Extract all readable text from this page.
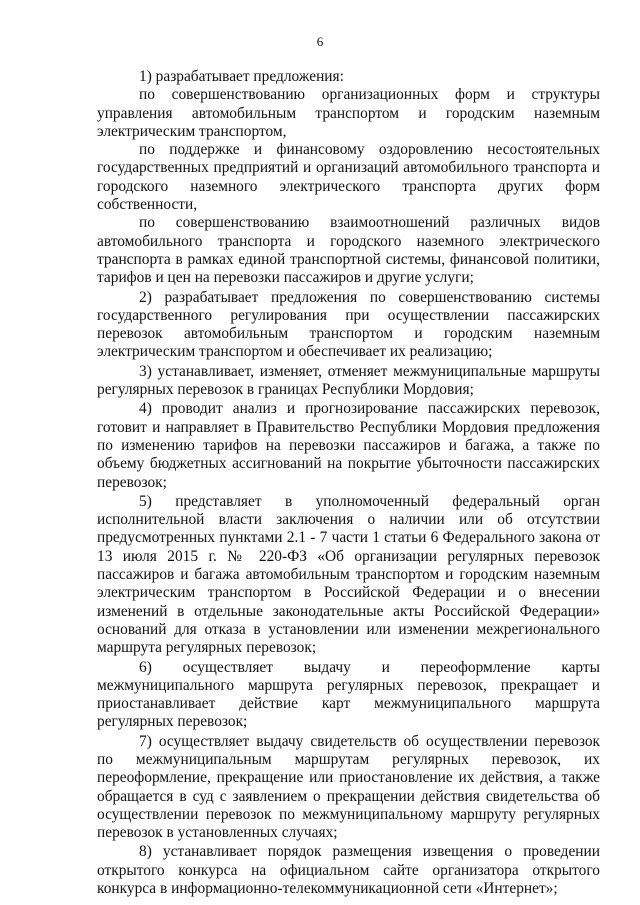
6

1) разрабатывает предложения:

по совершенствованию организационных форм и структуры управления автомобильным транспортом и городским наземным электрическим транспортом,

по поддержке и финансовому оздоровлению несостоятельных государственных предприятий и организаций автомобильного транспорта и городского наземного электрического транспорта других форм собственности,

по совершенствованию взаимоотношений различных видов автомобильного транспорта и городского наземного электрического транспорта в рамках единой транспортной системы, финансовой политики, тарифов и цен на перевозки пассажиров и другие услуги;

2) разрабатывает предложения по совершенствованию системы государственного регулирования при осуществлении пассажирских перевозок автомобильным транспортом и городским наземным электрическим транспортом и обеспечивает их реализацию;

3) устанавливает, изменяет, отменяет межмуниципальные маршруты регулярных перевозок в границах Республики Мордовия;

4) проводит анализ и прогнозирование пассажирских перевозок, готовит и направляет в Правительство Республики Мордовия предложения по изменению тарифов на перевозки пассажиров и багажа, а также по объему бюджетных ассигнований на покрытие убыточности пассажирских перевозок;

5) представляет в уполномоченный федеральный орган исполнительной власти заключения о наличии или об отсутствии предусмотренных пунктами 2.1 - 7 части 1 статьи 6 Федерального закона от 13 июля 2015 г. № 220-ФЗ «Об организации регулярных перевозок пассажиров и багажа автомобильным транспортом и городским наземным электрическим транспортом в Российской Федерации и о внесении изменений в отдельные законодательные акты Российской Федерации» оснований для отказа в установлении или изменении межрегионального маршрута регулярных перевозок;

6) осуществляет выдачу и переоформление карты межмуниципального маршрута регулярных перевозок, прекращает и приостанавливает действие карт межмуниципального маршрута регулярных перевозок;

7) осуществляет выдачу свидетельств об осуществлении перевозок по межмуниципальным маршрутам регулярных перевозок, их переоформление, прекращение или приостановление их действия, а также обращается в суд с заявлением о прекращении действия свидетельства об осуществлении перевозок по межмуниципальному маршруту регулярных перевозок в установленных случаях;

8) устанавливает порядок размещения извещения о проведении открытого конкурса на официальном сайте организатора открытого конкурса в информационно-телекоммуникационной сети «Интернет»;
